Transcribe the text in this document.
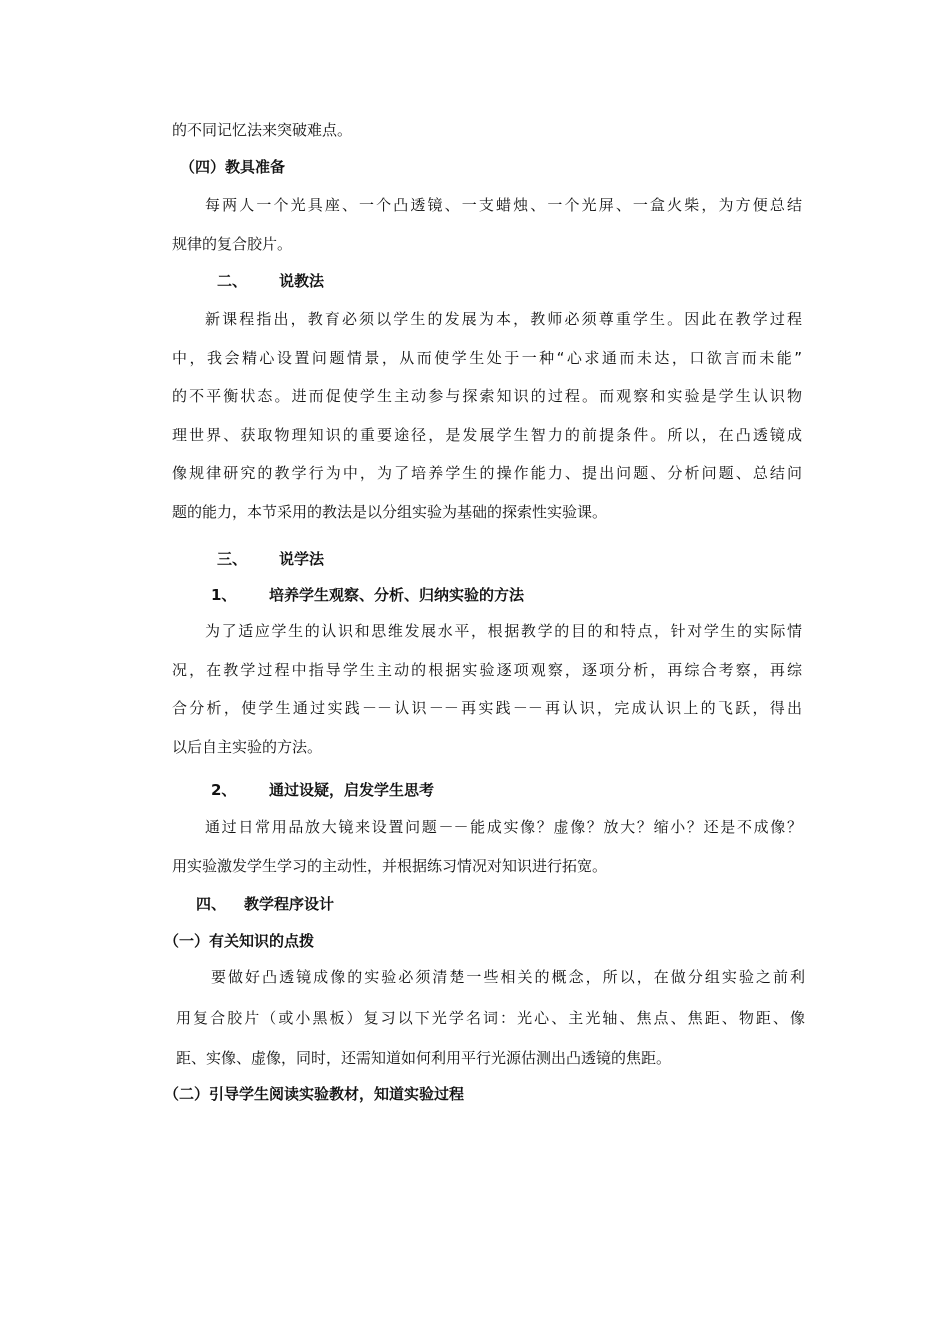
的不同记忆法来突破难点。
（四）教具准备
每两人一个光具座、一个凸透镜、一支蜡烛、一个光屏、一盒火柴，为方便总结
规律的复合胶片。
二、 说教法
新课程指出，教育必须以学生的发展为本，教师必须尊重学生。因此在教学过程
中，我会精心设置问题情景，从而使学生处于一种“心求通而未达，口欲言而未能”
的不平衡状态。进而促使学生主动参与探索知识的过程。而观察和实验是学生认识物
理世界、获取物理知识的重要途径，是发展学生智力的前提条件。所以，在凸透镜成
像规律研究的教学行为中，为了培养学生的操作能力、提出问题、分析问题、总结问
题的能力，本节采用的教法是以分组实验为基础的探索性实验课。
三、 说学法
1、 培养学生观察、分析、归纳实验的方法
为了适应学生的认识和思维发展水平，根据教学的目的和特点，针对学生的实际情
况，在教学过程中指导学生主动的根据实验逐项观察，逐项分析，再综合考察，再综
合分析，使学生通过实践－－认识－－再实践－－再认识，完成认识上的飞跃，得出
以后自主实验的方法。
2、 通过设疑，启发学生思考
通过日常用品放大镜来设置问题－－能成实像？虚像？放大？缩小？还是不成像？
用实验激发学生学习的主动性，并根据练习情况对知识进行拓宽。
四、 教学程序设计
（一）有关知识的点拨
要做好凸透镜成像的实验必须清楚一些相关的概念，所以，在做分组实验之前利
用复合胶片（或小黑板）复习以下光学名词：光心、主光轴、焦点、焦距、物距、像
距、实像、虚像，同时，还需知道如何利用平行光源估测出凸透镜的焦距。
（二）引导学生阅读实验教材，知道实验过程
